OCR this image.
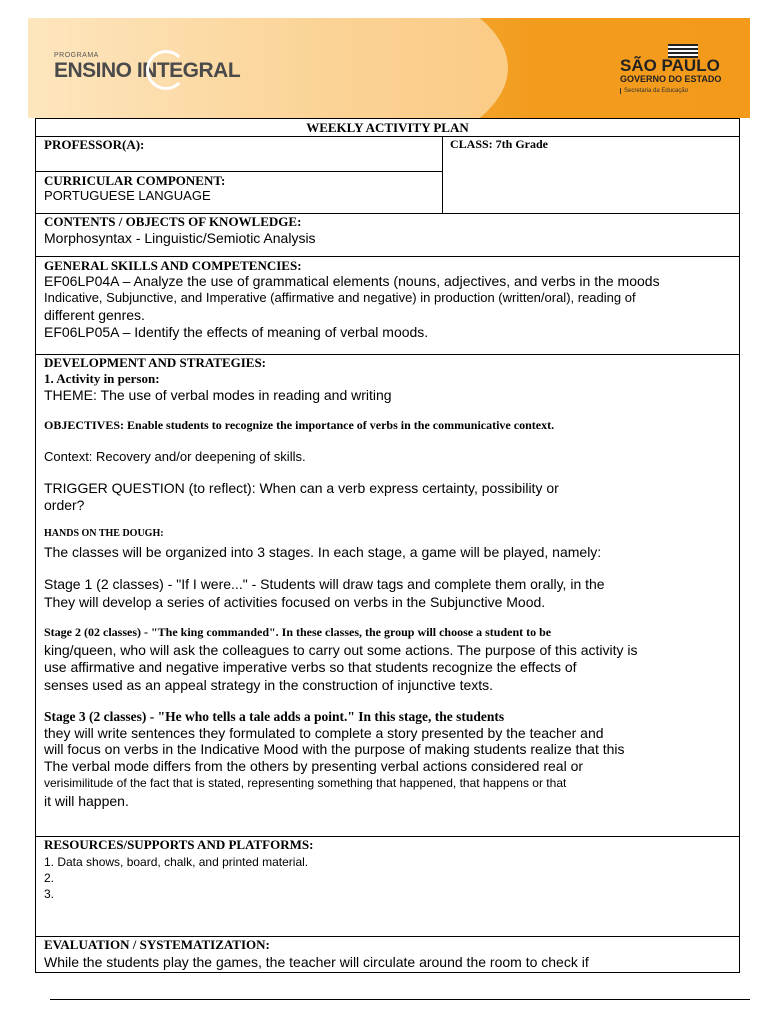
PROGRAMA
ENSINO INTEGRAL	SÃO PAULO
GOVERNO DO ESTADO
Secretaria da Educação
WEEKLY ACTIVITY PLAN
PROFESSOR(A):	CLASS: 7th Grade
CURRICULAR COMPONENT:
PORTUGUESE LANGUAGE
CONTENTS / OBJECTS OF KNOWLEDGE:
Morphosyntax - Linguistic/Semiotic Analysis
GENERAL SKILLS AND COMPETENCIES:
EF06LP04A – Analyze the use of grammatical elements (nouns, adjectives, and verbs in the moods
Indicative, Subjunctive, and Imperative (affirmative and negative) in production (written/oral), reading of
different genres.
EF06LP05A – Identify the effects of meaning of verbal moods.
DEVELOPMENT AND STRATEGIES:
1. Activity in person:
THEME: The use of verbal modes in reading and writing
OBJECTIVES: Enable students to recognize the importance of verbs in the communicative context.
Context: Recovery and/or deepening of skills.
TRIGGER QUESTION (to reflect): When can a verb express certainty, possibility or
order?
HANDS ON THE DOUGH:
The classes will be organized into 3 stages. In each stage, a game will be played, namely:
Stage 1 (2 classes) - "If I were..." - Students will draw tags and complete them orally, in the
They will develop a series of activities focused on verbs in the Subjunctive Mood.
Stage 2 (02 classes) - "The king commanded". In these classes, the group will choose a student to be
king/queen, who will ask the colleagues to carry out some actions. The purpose of this activity is
use affirmative and negative imperative verbs so that students recognize the effects of
senses used as an appeal strategy in the construction of injunctive texts.
Stage 3 (2 classes) - "He who tells a tale adds a point." In this stage, the students
they will write sentences they formulated to complete a story presented by the teacher and
will focus on verbs in the Indicative Mood with the purpose of making students realize that this
The verbal mode differs from the others by presenting verbal actions considered real or
verisimilitude of the fact that is stated, representing something that happened, that happens or that
it will happen.
RESOURCES/SUPPORTS AND PLATFORMS:
1. Data shows, board, chalk, and printed material.
2.
3.
EVALUATION / SYSTEMATIZATION:
While the students play the games, the teacher will circulate around the room to check if
